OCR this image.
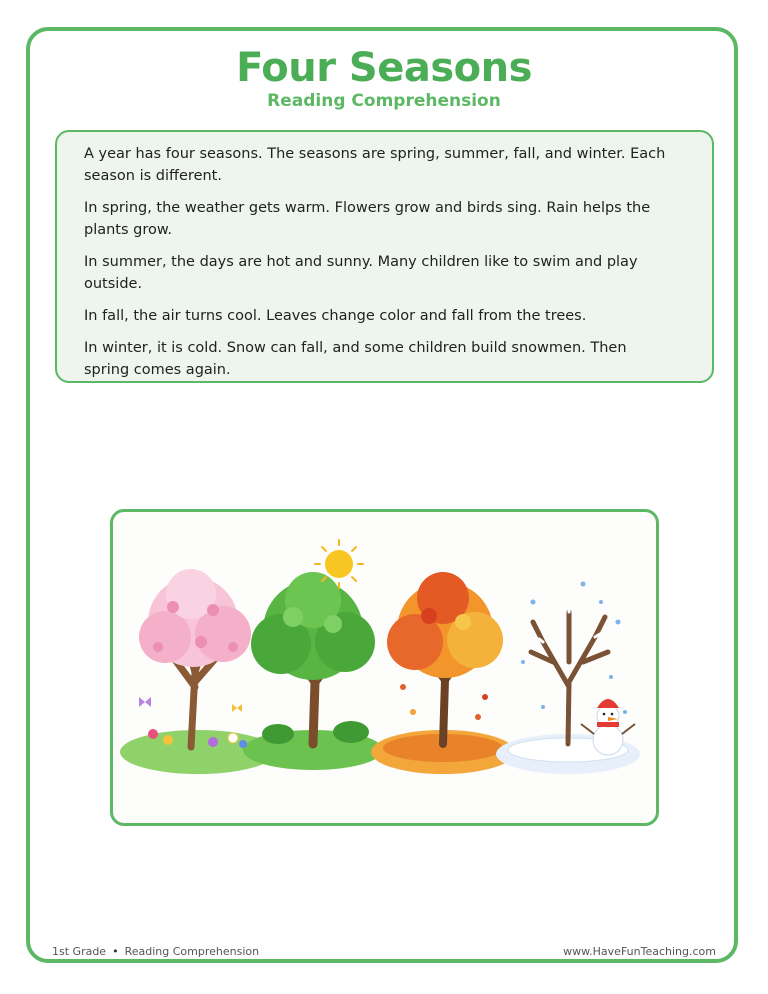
Four Seasons
Reading Comprehension

A year has four seasons. The seasons are spring, summer, fall, and winter. Each season is different.

In spring, the weather gets warm. Flowers grow and birds sing. Rain helps the plants grow.

In summer, the days are hot and sunny. Many children like to swim and play outside.

In fall, the air turns cool. Leaves change color and fall from the trees.

In winter, it is cold. Snow can fall, and some children build snowmen. Then spring comes again.

1st Grade • Reading Comprehension	www.HaveFunTeaching.com
